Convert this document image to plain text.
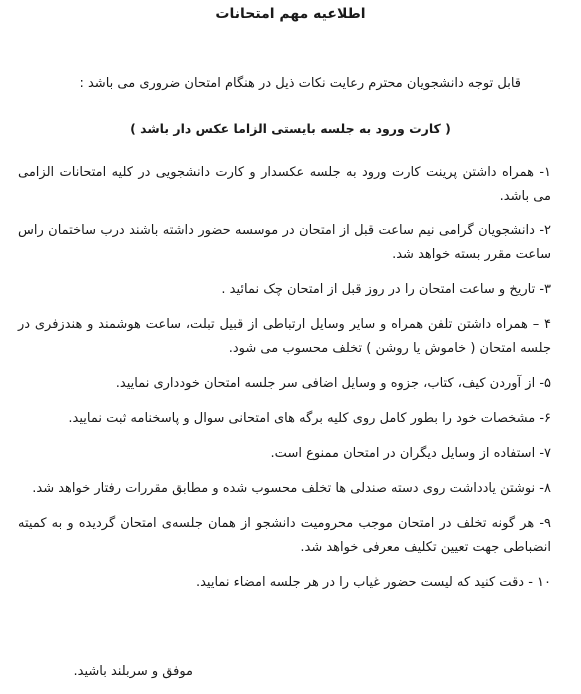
اطلاعیه مهم امتحانات
قابل توجه دانشجویان محترم رعایت نکات ذیل در هنگام امتحان ضروری می باشد :
( کارت ورود به جلسه بایستی الزاما عکس دار باشد )
۱- همراه داشتن پرینت کارت ورود به جلسه عکسدار و کارت دانشجویی در کلیه امتحانات الزامی می باشد.
۲- دانشجویان گرامی نیم ساعت قبل از امتحان در موسسه حضور داشته باشند درب ساختمان راس ساعت مقرر بسته خواهد شد.
۳- تاریخ و ساعت امتحان را در روز قبل از امتحان چک نمائید .
۴ – همراه داشتن تلفن همراه و سایر وسایل ارتباطی از قبیل تبلت، ساعت هوشمند و هندزفری در جلسه امتحان ( خاموش یا روشن ) تخلف محسوب می شود.
۵- از آوردن کیف، کتاب، جزوه و وسایل اضافی سر جلسه امتحان خودداری نمایید.
۶- مشخصات خود را بطور کامل روی کلیه برگه های امتحانی سوال و پاسخنامه ثبت نمایید.
۷- استفاده از وسایل دیگران در امتحان ممنوع است.
۸- نوشتن یادداشت روی دسته صندلی ها تخلف محسوب شده و مطابق مقررات رفتار خواهد شد.
۹- هر گونه تخلف در امتحان موجب محرومیت دانشجو از همان جلسه‌ی امتحان گردیده و به کمیته انضباطی جهت تعیین تکلیف معرفی خواهد شد.
۱۰ - دقت کنید که لیست حضور غیاب را در هر جلسه امضاء نمایید.
موفق و سربلند باشید.
